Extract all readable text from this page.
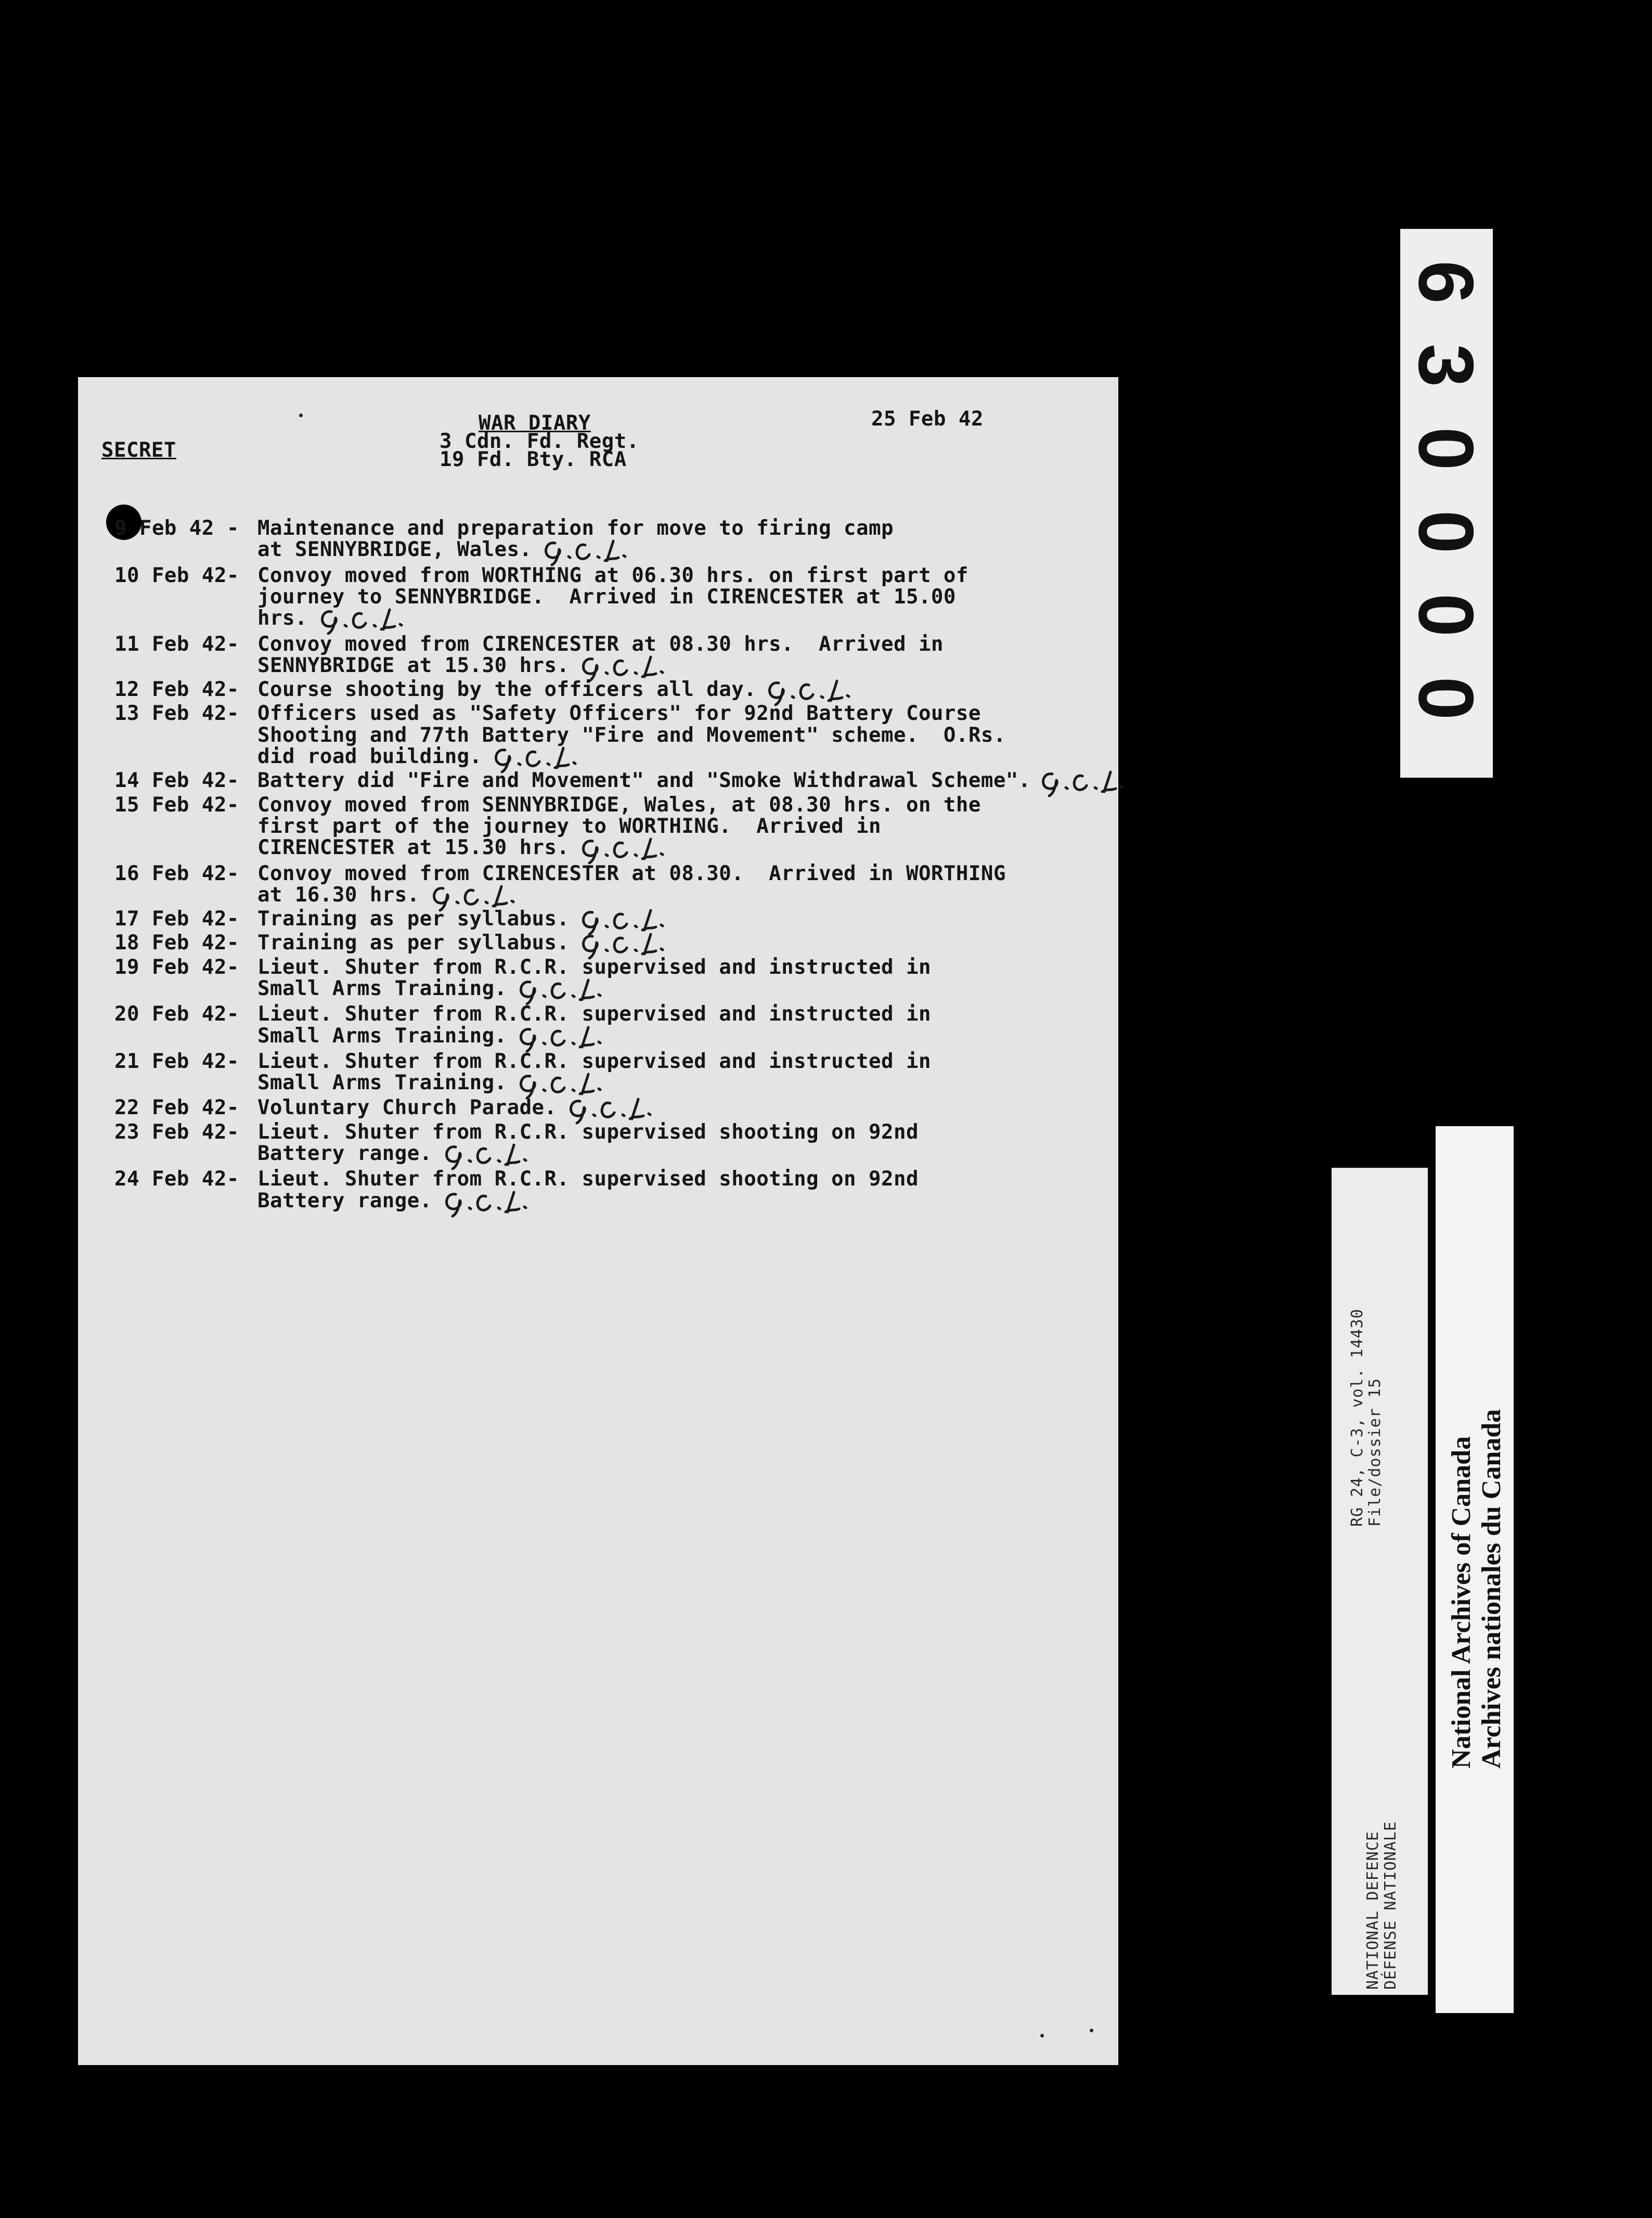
SECRET
WAR DIARY
3 Cdn. Fd. Regt.
19 Fd. Bty. RCA
25 Feb 42
9 Feb 42 - Maintenance and preparation for move to firing camp
at SENNYBRIDGE, Wales.
10 Feb 42- Convoy moved from WORTHING at 06.30 hrs. on first part of
journey to SENNYBRIDGE.  Arrived in CIRENCESTER at 15.00
hrs.
11 Feb 42- Convoy moved from CIRENCESTER at 08.30 hrs.  Arrived in
SENNYBRIDGE at 15.30 hrs.
12 Feb 42- Course shooting by the officers all day.
13 Feb 42- Officers used as "Safety Officers" for 92nd Battery Course
Shooting and 77th Battery "Fire and Movement" scheme.  O.Rs.
did road building.
14 Feb 42- Battery did "Fire and Movement" and "Smoke Withdrawal Scheme".
15 Feb 42- Convoy moved from SENNYBRIDGE, Wales, at 08.30 hrs. on the
first part of the journey to WORTHING.  Arrived in
CIRENCESTER at 15.30 hrs.
16 Feb 42- Convoy moved from CIRENCESTER at 08.30.  Arrived in WORTHING
at 16.30 hrs.
17 Feb 42- Training as per syllabus.
18 Feb 42- Training as per syllabus.
19 Feb 42- Lieut. Shuter from R.C.R. supervised and instructed in
Small Arms Training.
20 Feb 42- Lieut. Shuter from R.C.R. supervised and instructed in
Small Arms Training.
21 Feb 42- Lieut. Shuter from R.C.R. supervised and instructed in
Small Arms Training.
22 Feb 42- Voluntary Church Parade.
23 Feb 42- Lieut. Shuter from R.C.R. supervised shooting on 92nd
Battery range.
24 Feb 42- Lieut. Shuter from R.C.R. supervised shooting on 92nd
Battery range.
6
3
0
0
0
0
RG 24, C-3, vol. 14430 File/dossier 15
NATIONAL DEFENCE DÉFENSE NATIONALE
National Archives of Canada Archives nationales du Canada
